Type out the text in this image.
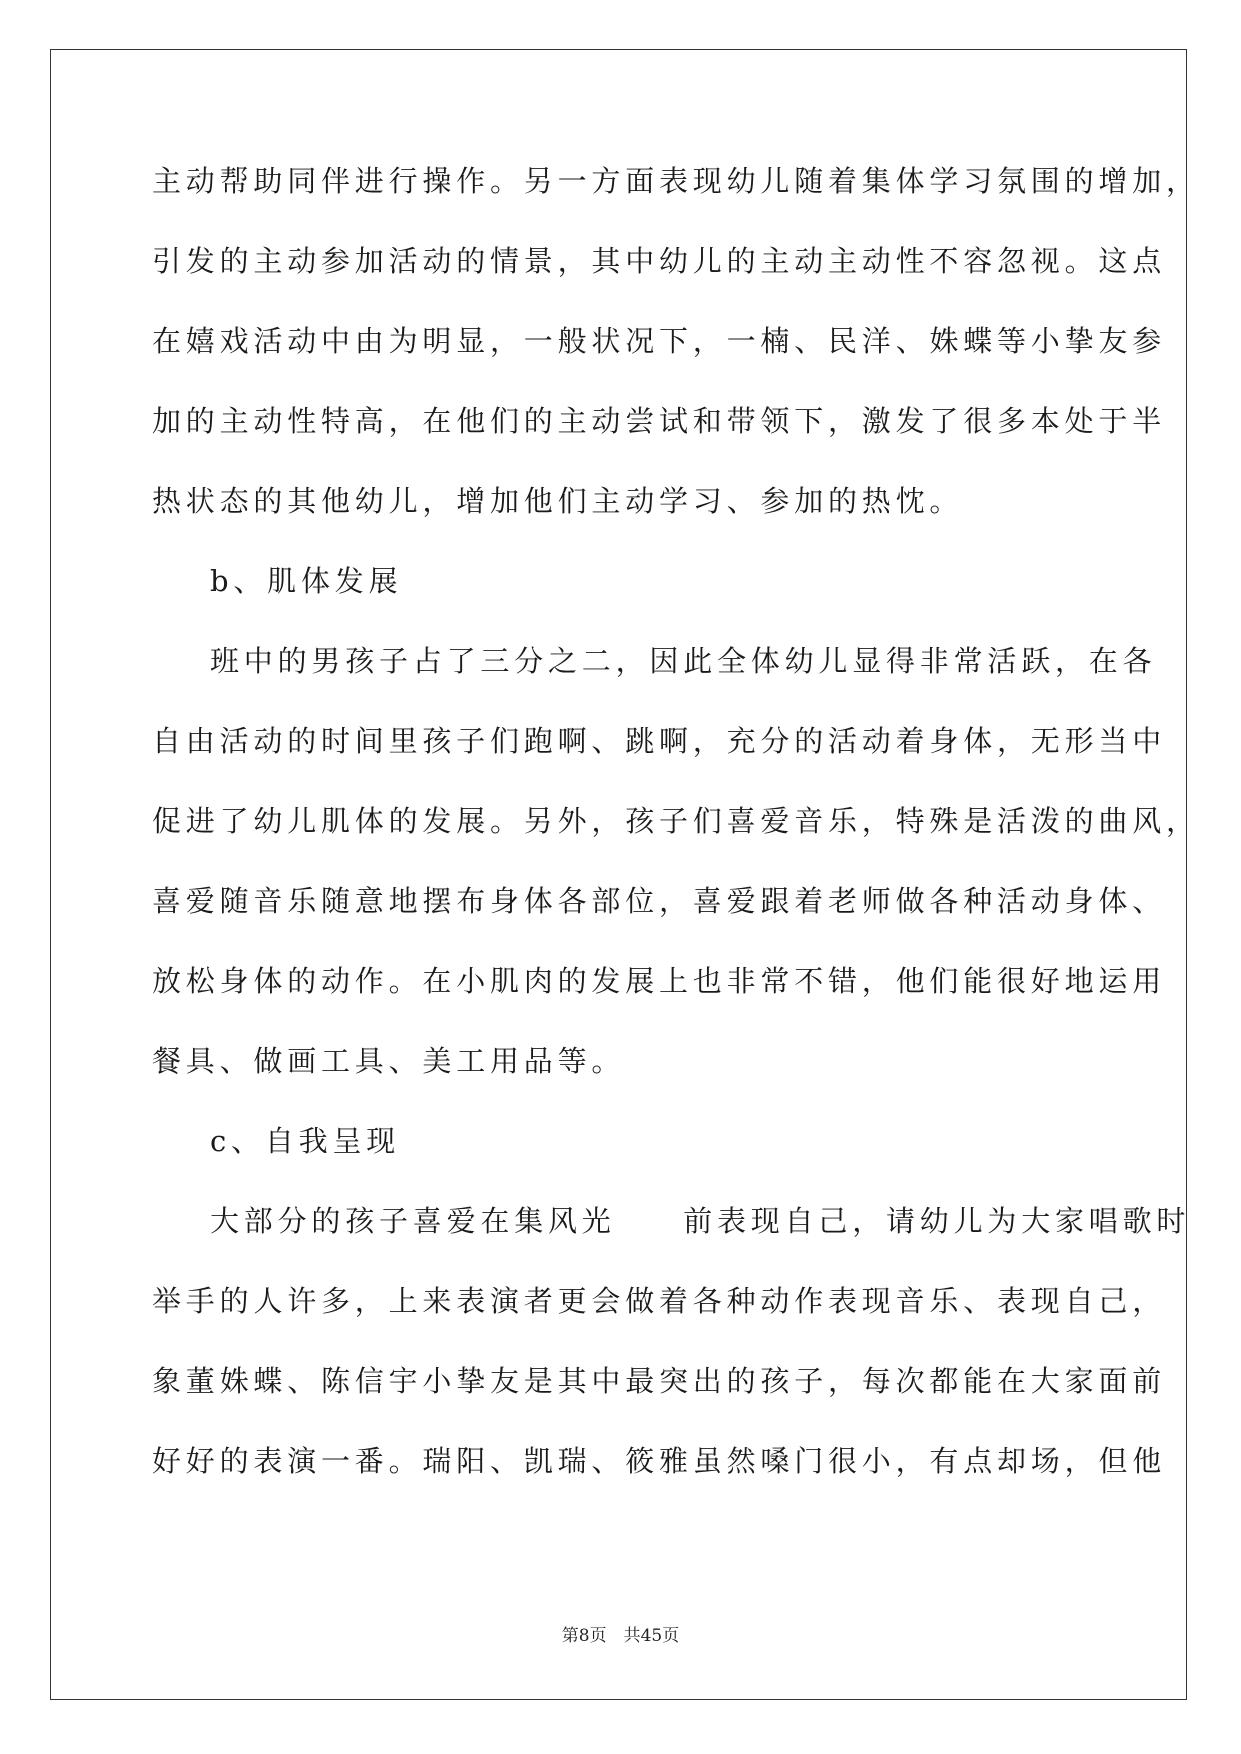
主动帮助同伴进行操作。另一方面表现幼儿随着集体学习氛围的增加，
引发的主动参加活动的情景，其中幼儿的主动主动性不容忽视。这点
在嬉戏活动中由为明显，一般状况下，一楠、民洋、姝蝶等小挚友参
加的主动性特高，在他们的主动尝试和带领下，激发了很多本处于半
热状态的其他幼儿，增加他们主动学习、参加的热忱。
b、肌体发展
班中的男孩子占了三分之二，因此全体幼儿显得非常活跃，在各
自由活动的时间里孩子们跑啊、跳啊，充分的活动着身体，无形当中
促进了幼儿肌体的发展。另外，孩子们喜爱音乐，特殊是活泼的曲风，
喜爱随音乐随意地摆布身体各部位，喜爱跟着老师做各种活动身体、
放松身体的动作。在小肌肉的发展上也非常不错，他们能很好地运用
餐具、做画工具、美工用品等。
c、自我呈现
大部分的孩子喜爱在集风光　　前表现自己，请幼儿为大家唱歌时
举手的人许多，上来表演者更会做着各种动作表现音乐、表现自己，
象董姝蝶、陈信宇小挚友是其中最突出的孩子，每次都能在大家面前
好好的表演一番。瑞阳、凯瑞、筱雅虽然嗓门很小，有点却场，但他
第8页　共45页
